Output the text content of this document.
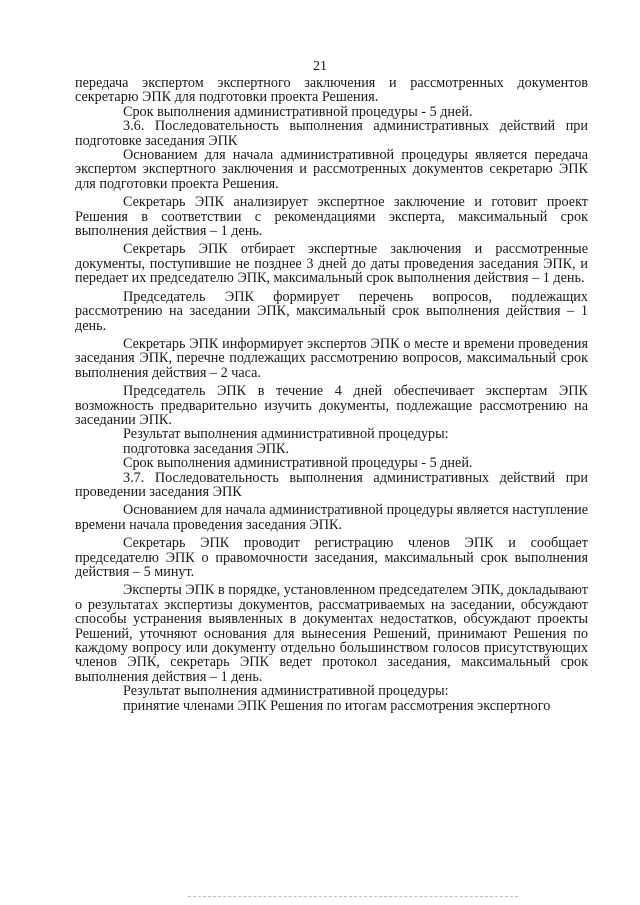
21

передача экспертом экспертного заключения и рассмотренных документов секретарю ЭПК для подготовки проекта Решения.

Срок выполнения административной процедуры - 5 дней.

3.6. Последовательность выполнения административных действий при подготовке заседания ЭПК

Основанием для начала административной процедуры является передача экспертом экспертного заключения и рассмотренных документов секретарю ЭПК для подготовки проекта Решения.

Секретарь ЭПК анализирует экспертное заключение и готовит проект Решения в соответствии с рекомендациями эксперта, максимальный срок выполнения действия – 1 день.

Секретарь ЭПК отбирает экспертные заключения и рассмотренные документы, поступившие не позднее 3 дней до даты проведения заседания ЭПК, и передает их председателю ЭПК, максимальный срок выполнения действия – 1 день.

Председатель ЭПК формирует перечень вопросов, подлежащих рассмотрению на заседании ЭПК, максимальный срок выполнения действия – 1 день.

Секретарь ЭПК информирует экспертов ЭПК о месте и времени проведения заседания ЭПК, перечне подлежащих рассмотрению вопросов, максимальный срок выполнения действия – 2 часа.

Председатель ЭПК в течение 4 дней обеспечивает экспертам ЭПК возможность предварительно изучить документы, подлежащие рассмотрению на заседании ЭПК.

Результат выполнения административной процедуры:

подготовка заседания ЭПК.

Срок выполнения административной процедуры - 5 дней.

3.7. Последовательность выполнения административных действий при проведении заседания ЭПК

Основанием для начала административной процедуры является наступление времени начала проведения заседания ЭПК.

Секретарь ЭПК проводит регистрацию членов ЭПК и сообщает председателю ЭПК о правомочности заседания, максимальный срок выполнения действия – 5 минут.

Эксперты ЭПК в порядке, установленном председателем ЭПК, докладывают о результатах экспертизы документов, рассматриваемых на заседании, обсуждают способы устранения выявленных в документах недостатков, обсуждают проекты Решений, уточняют основания для вынесения Решений, принимают Решения по каждому вопросу или документу отдельно большинством голосов присутствующих членов ЭПК, секретарь ЭПК ведет протокол заседания, максимальный срок выполнения действия – 1 день.

Результат выполнения административной процедуры:

принятие членами ЭПК Решения по итогам рассмотрения экспертного
